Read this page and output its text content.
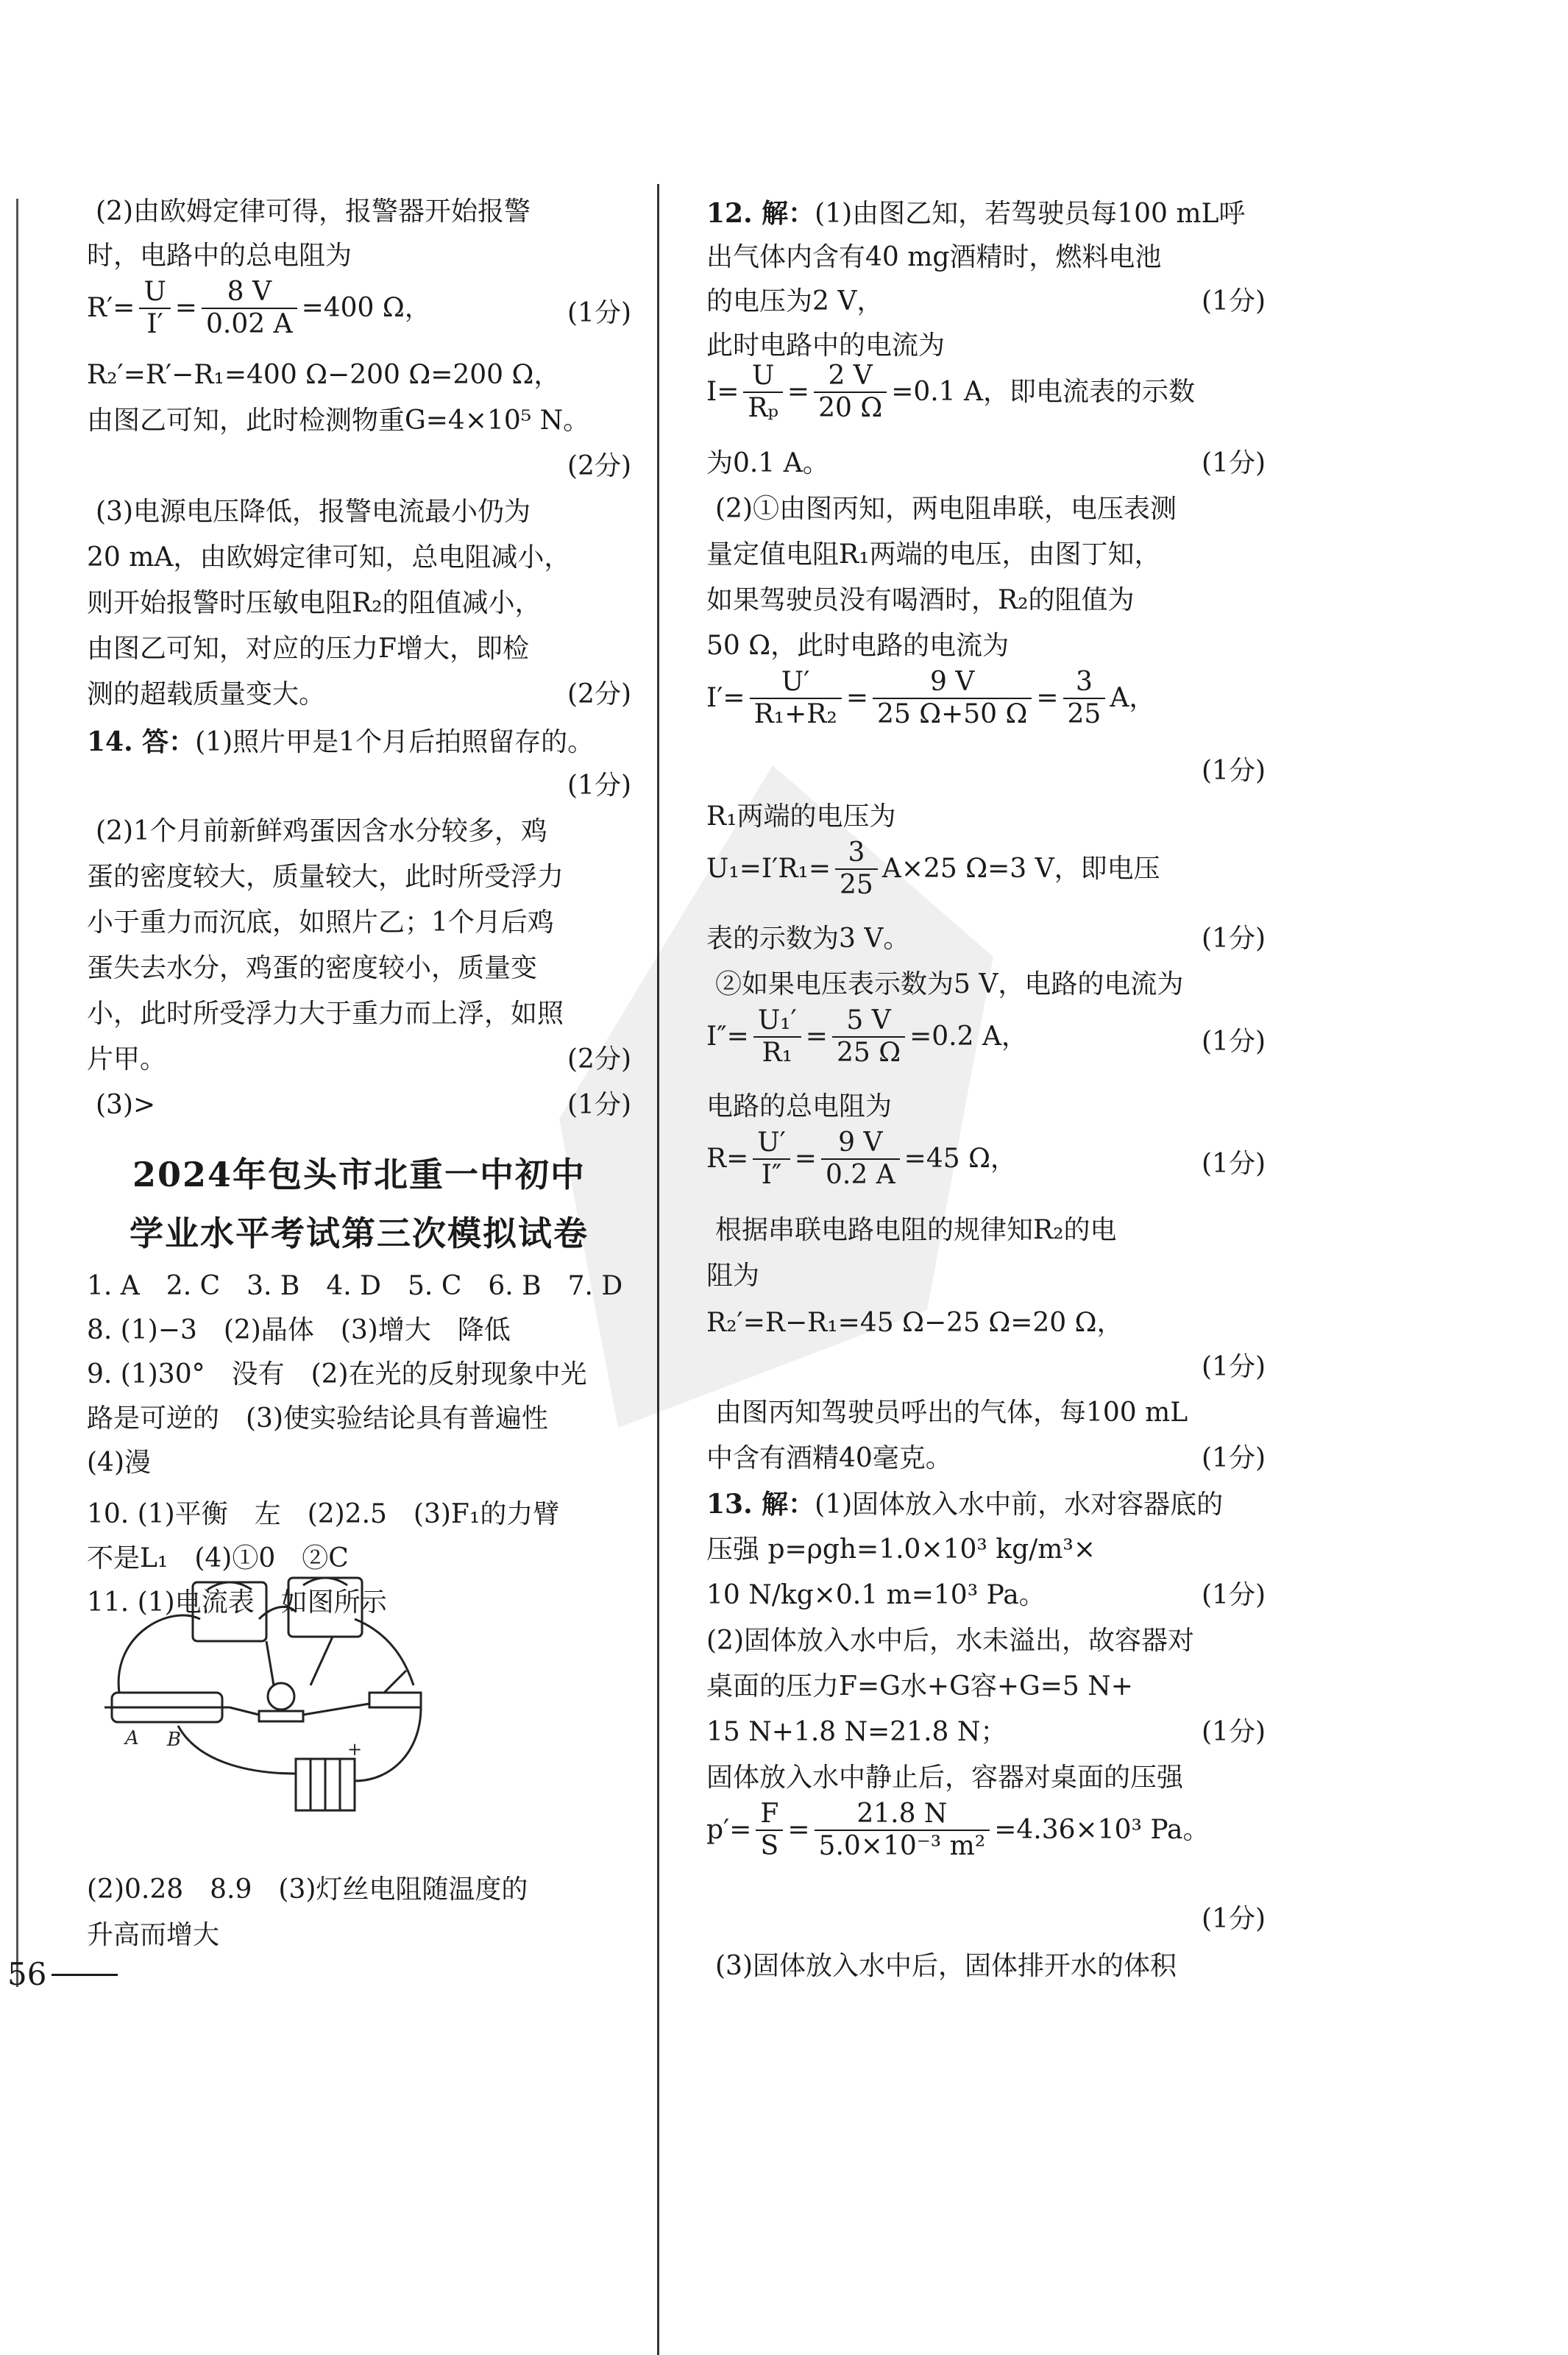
(2)由欧姆定律可得，报警器开始报警
时，电路中的总电阻为
$R'= \frac{U}{I'} = \frac{8 V}{0.02 A} =400$ Ω，	(1分)
R₂′=R′−R₁=400 Ω−200 Ω=200 Ω，
由图乙可知，此时检测物重G=4×10⁵ N。
(2分)
(3)电源电压降低，报警电流最小仍为
20 mA，由欧姆定律可知，总电阻减小，
则开始报警时压敏电阻R₂的阻值减小，
由图乙可知，对应的压力F增大，即检
测的超载质量变大。	(2分)
14. 答：(1)照片甲是1个月后拍照留存的。
(1分)
(2)1个月前新鲜鸡蛋因含水分较多，鸡
蛋的密度较大，质量较大，此时所受浮力
小于重力而沉底，如照片乙；1个月后鸡
蛋失去水分，鸡蛋的密度较小，质量变
小，此时所受浮力大于重力而上浮，如照
片甲。	(2分)
(3)>	(1分)
2024年包头市北重一中初中
学业水平考试第三次模拟试卷
1. A　2. C　3. B　4. D　5. C　6. B　7. D
8. (1)−3　(2)晶体　(3)增大　降低
9. (1)30°　没有　(2)在光的反射现象中光
路是可逆的　(3)使实验结论具有普遍性
(4)漫
10. (1)平衡　左　(2)2.5　(3)F₁的力臂
不是L₁　(4)①0　②C
11. (1)电流表　如图所示
(2)0.28　8.9　(3)灯丝电阻随温度的
升高而增大
A B	+
12. 解：(1)由图乙知，若驾驶员每100 mL呼
出气体内含有40 mg酒精时，燃料电池
的电压为2 V，	(1分)
此时电路中的电流为
$I= \frac{U}{\text{Rₚ}} = \frac{2 V}{20 \Omega} =0.1$ A，即电流表的示数
为0.1 A。	(1分)
(2)①由图丙知，两电阻串联，电压表测
量定值电阻R₁两端的电压，由图丁知，
如果驾驶员没有喝酒时，R₂的阻值为
50 Ω，此时电路的电流为
$I'= \frac{U'}{\text{R₁+R₂}} = \frac{9 V}{25 \Omega+50 \Omega} = \frac{3}{25}$ A，
(1分)
R₁两端的电压为
$U_1=I'R_1= \frac{3}{25} A\times 25$ Ω=3 V，即电压
表的示数为3 V。	(1分)
②如果电压表示数为5 V，电路的电流为
$I''= \frac{\text{U₁′}}{\text{R₁}} = \frac{5 V}{25 \Omega} =0.2$ A，	(1分)
电路的总电阻为
$R= \frac{U'}{I''} = \frac{9 V}{0.2 A} =45$ Ω，	(1分)
根据串联电路电阻的规律知R₂的电
阻为
R₂′=R−R₁=45 Ω−25 Ω=20 Ω，
(1分)
由图丙知驾驶员呼出的气体，每100 mL
中含有酒精40毫克。	(1分)
13. 解：(1)固体放入水中前，水对容器底的
压强 p=ρgh=1.0×10³ kg/m³×
10 N/kg×0.1 m=10³ Pa。	(1分)
(2)固体放入水中后，水未溢出，故容器对
桌面的压力F=G水+G容+G=5 N+
15 N+1.8 N=21.8 N；	(1分)
固体放入水中静止后，容器对桌面的压强
$p'= \frac{F}{S} = \frac{21.8 N}{\text{5.0×10⁻³ m²}} =4.36\times 10^3$ Pa。
(1分)
(3)固体放入水中后，固体排开水的体积
56
